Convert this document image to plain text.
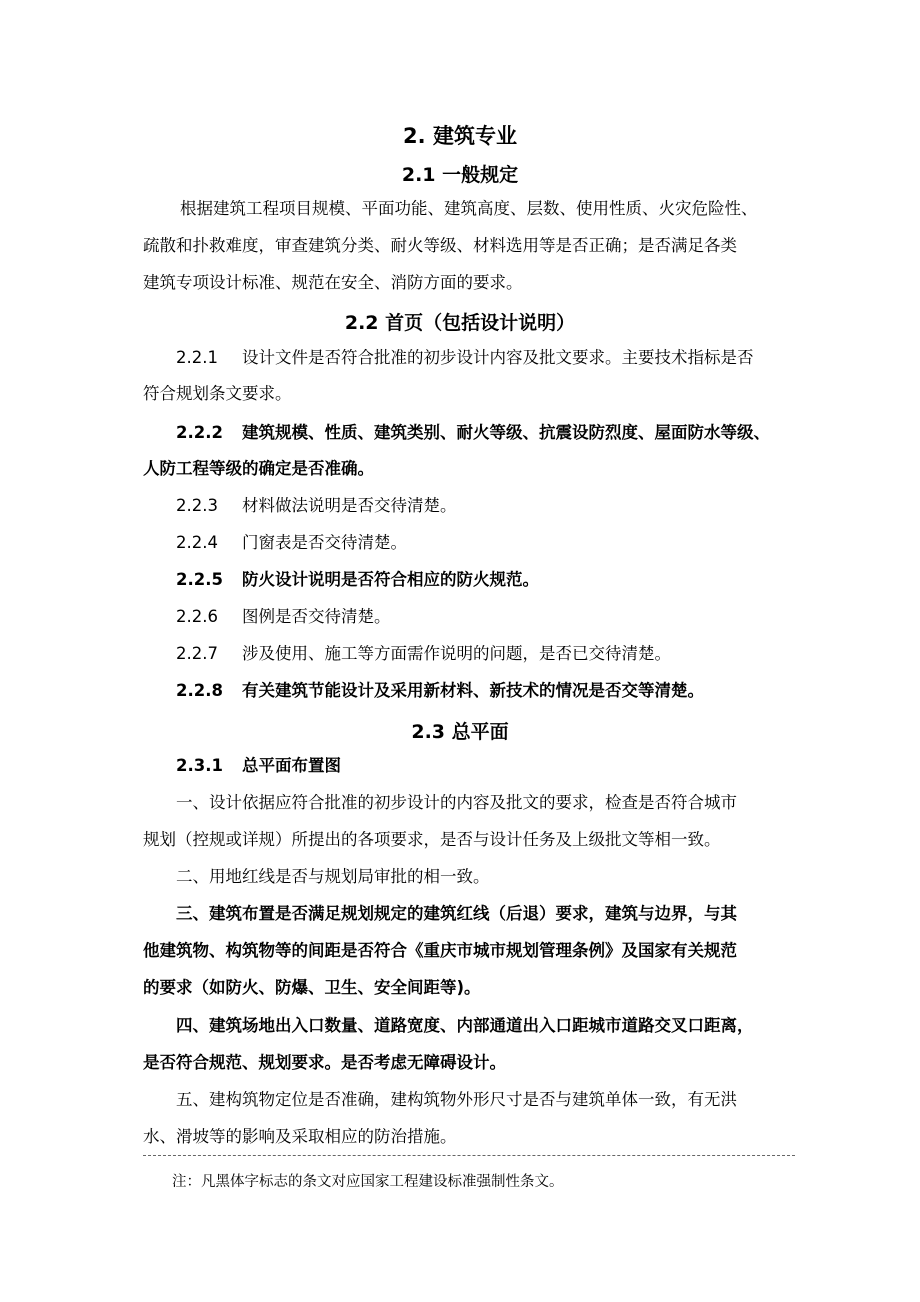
2. 建筑专业
2.1 一般规定
根据建筑工程项目规模、平面功能、建筑高度、层数、使用性质、火灾危险性、
疏散和扑救难度，审查建筑分类、耐火等级、材料选用等是否正确；是否满足各类
建筑专项设计标准、规范在安全、消防方面的要求。
2.2 首页（包括设计说明）
2.2.1 设计文件是否符合批准的初步设计内容及批文要求。主要技术指标是否
符合规划条文要求。
2.2.2 建筑规模、性质、建筑类别、耐火等级、抗震设防烈度、屋面防水等级、
人防工程等级的确定是否准确。
2.2.3 材料做法说明是否交待清楚。
2.2.4 门窗表是否交待清楚。
2.2.5 防火设计说明是否符合相应的防火规范。
2.2.6 图例是否交待清楚。
2.2.7 涉及使用、施工等方面需作说明的问题，是否已交待清楚。
2.2.8 有关建筑节能设计及采用新材料、新技术的情况是否交等清楚。
2.3 总平面
2.3.1 总平面布置图
一、设计依据应符合批准的初步设计的内容及批文的要求，检查是否符合城市
规划（控规或详规）所提出的各项要求，是否与设计任务及上级批文等相一致。
二、用地红线是否与规划局审批的相一致。
三、建筑布置是否满足规划规定的建筑红线（后退）要求，建筑与边界，与其
他建筑物、构筑物等的间距是否符合《重庆市城市规划管理条例》及国家有关规范
的要求（如防火、防爆、卫生、安全间距等)。
四、建筑场地出入口数量、道路宽度、内部通道出入口距城市道路交叉口距离，
是否符合规范、规划要求。是否考虑无障碍设计。
五、建构筑物定位是否准确，建构筑物外形尺寸是否与建筑单体一致，有无洪
水、滑坡等的影响及采取相应的防治措施。
注：凡黑体字标志的条文对应国家工程建设标准强制性条文。
